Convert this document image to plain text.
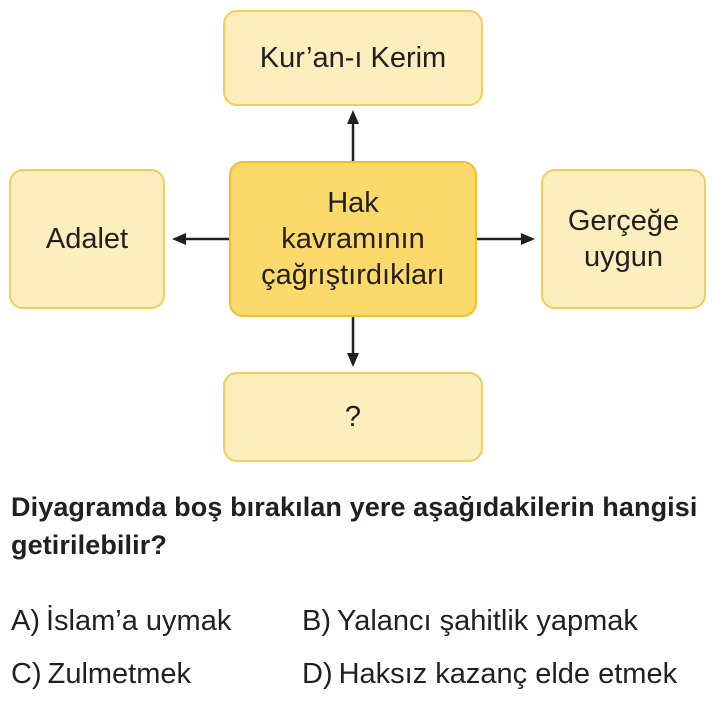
Kur’an-ı Kerim
Adalet
Gerçeğe
uygun
Hak
kavramının
çağrıştırdıkları
?
Diyagramda boş bırakılan yere aşağıdakilerin hangisi getirilebilir?
A) İslam’a uymak B) Yalancı şahitlik yapmak
C) Zulmetmek	D) Haksız kazanç elde etmek
